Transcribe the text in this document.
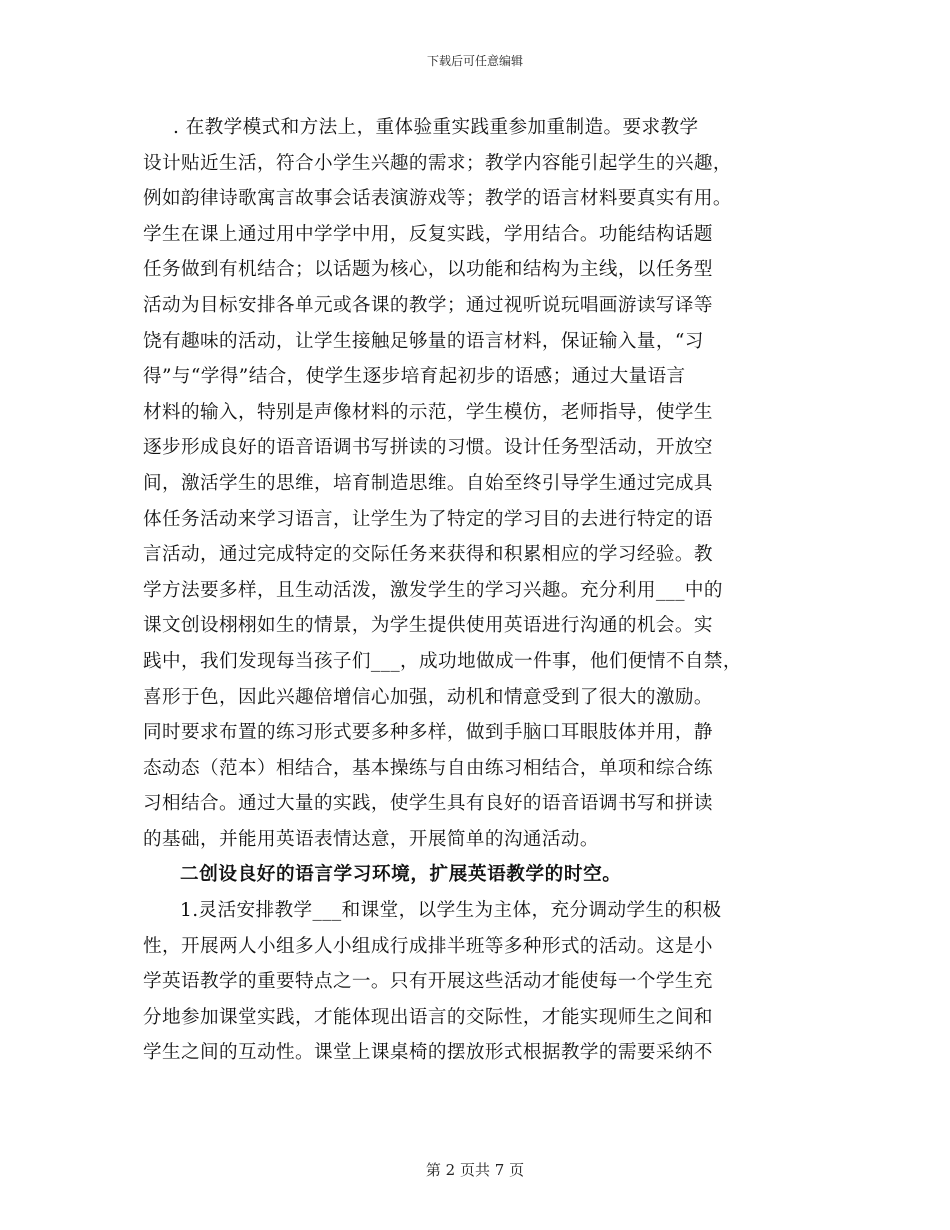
下载后可任意编辑
. 在教学模式和方法上，重体验重实践重参加重制造。要求教学
设计贴近生活，符合小学生兴趣的需求；教学内容能引起学生的兴趣，
例如韵律诗歌寓言故事会话表演游戏等；教学的语言材料要真实有用。
学生在课上通过用中学学中用，反复实践，学用结合。功能结构话题
任务做到有机结合；以话题为核心，以功能和结构为主线，以任务型
活动为目标安排各单元或各课的教学；通过视听说玩唱画游读写译等
饶有趣味的活动，让学生接触足够量的语言材料，保证输入量，“习
得”与“学得”结合，使学生逐步培育起初步的语感；通过大量语言
材料的输入，特别是声像材料的示范，学生模仿，老师指导，使学生
逐步形成良好的语音语调书写拼读的习惯。设计任务型活动，开放空
间，激活学生的思维，培育制造思维。自始至终引导学生通过完成具
体任务活动来学习语言，让学生为了特定的学习目的去进行特定的语
言活动，通过完成特定的交际任务来获得和积累相应的学习经验。教
学方法要多样，且生动活泼，激发学生的学习兴趣。充分利用___中的
课文创设栩栩如生的情景，为学生提供使用英语进行沟通的机会。实
践中，我们发现每当孩子们___，成功地做成一件事，他们便情不自禁，
喜形于色，因此兴趣倍增信心加强，动机和情意受到了很大的激励。
同时要求布置的练习形式要多种多样，做到手脑口耳眼肢体并用，静
态动态（范本）相结合，基本操练与自由练习相结合，单项和综合练
习相结合。通过大量的实践，使学生具有良好的语音语调书写和拼读
的基础，并能用英语表情达意，开展简单的沟通活动。
二创设良好的语言学习环境，扩展英语教学的时空。
1.灵活安排教学___和课堂，以学生为主体，充分调动学生的积极
性，开展两人小组多人小组成行成排半班等多种形式的活动。这是小
学英语教学的重要特点之一。只有开展这些活动才能使每一个学生充
分地参加课堂实践，才能体现出语言的交际性，才能实现师生之间和
学生之间的互动性。课堂上课桌椅的摆放形式根据教学的需要采纳不
第 2 页共 7 页
